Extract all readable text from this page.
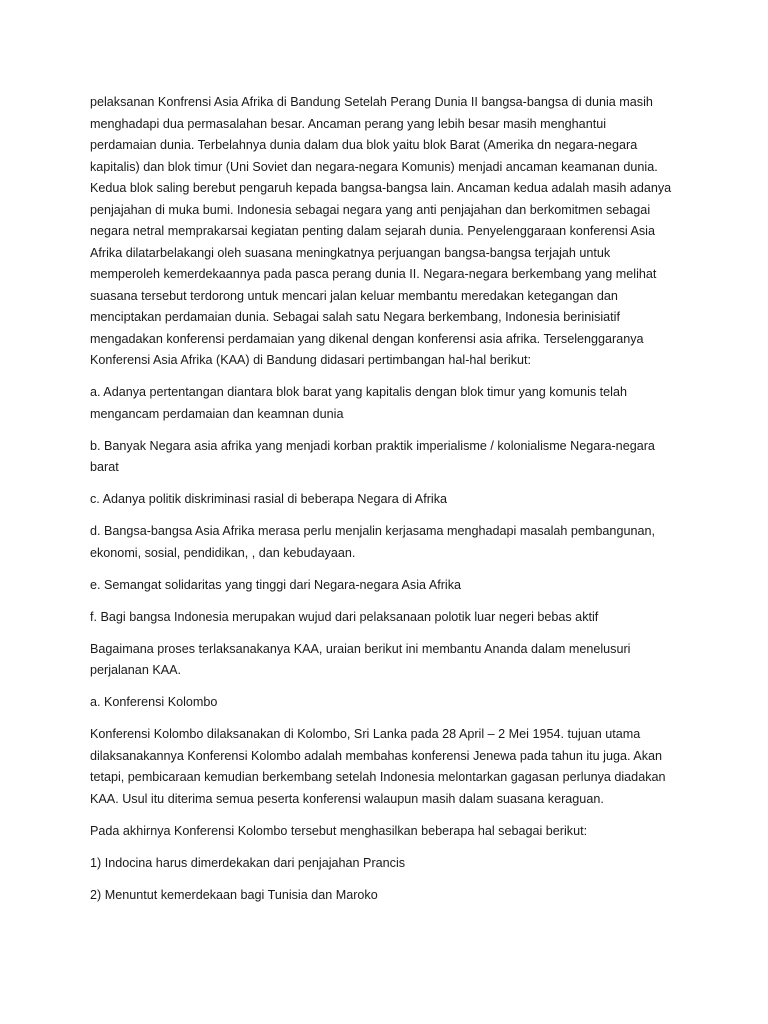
pelaksanan Konfrensi Asia Afrika di Bandung Setelah Perang Dunia II bangsa-bangsa di dunia masih menghadapi dua permasalahan besar. Ancaman perang yang lebih besar masih menghantui perdamaian dunia. Terbelahnya dunia dalam dua blok yaitu blok Barat (Amerika dn negara-negara kapitalis) dan blok timur (Uni Soviet dan negara-negara Komunis) menjadi ancaman keamanan dunia. Kedua blok saling berebut pengaruh kepada bangsa-bangsa lain. Ancaman kedua adalah masih adanya penjajahan di muka bumi. Indonesia sebagai negara yang anti penjajahan dan berkomitmen sebagai negara netral memprakarsai kegiatan penting dalam sejarah dunia. Penyelenggaraan konferensi Asia Afrika dilatarbelakangi oleh suasana meningkatnya perjuangan bangsa-bangsa terjajah untuk memperoleh kemerdekaannya pada pasca perang dunia II. Negara-negara berkembang yang melihat suasana tersebut terdorong untuk mencari jalan keluar membantu meredakan ketegangan dan menciptakan perdamaian dunia. Sebagai salah satu Negara berkembang, Indonesia berinisiatif mengadakan konferensi perdamaian yang dikenal dengan konferensi asia afrika. Terselenggaranya Konferensi Asia Afrika (KAA) di Bandung didasari pertimbangan hal-hal berikut:

a. Adanya pertentangan diantara blok barat yang kapitalis dengan blok timur yang komunis telah mengancam perdamaian dan keamnan dunia

b. Banyak Negara asia afrika yang menjadi korban praktik imperialisme / kolonialisme Negara-negara barat

c. Adanya politik diskriminasi rasial di beberapa Negara di Afrika

d. Bangsa-bangsa Asia Afrika merasa perlu menjalin kerjasama menghadapi masalah pembangunan, ekonomi, sosial, pendidikan, , dan kebudayaan.

e. Semangat solidaritas yang tinggi dari Negara-negara Asia Afrika

f. Bagi bangsa Indonesia merupakan wujud dari pelaksanaan polotik luar negeri bebas aktif

Bagaimana proses terlaksanakanya KAA, uraian berikut ini membantu Ananda dalam menelusuri perjalanan KAA.

a. Konferensi Kolombo

Konferensi Kolombo dilaksanakan di Kolombo, Sri Lanka pada 28 April – 2 Mei 1954. tujuan utama dilaksanakannya Konferensi Kolombo adalah membahas konferensi Jenewa pada tahun itu juga. Akan tetapi, pembicaraan kemudian berkembang setelah Indonesia melontarkan gagasan perlunya diadakan KAA. Usul itu diterima semua peserta konferensi walaupun masih dalam suasana keraguan.

Pada akhirnya Konferensi Kolombo tersebut menghasilkan beberapa hal sebagai berikut:

1) Indocina harus dimerdekakan dari penjajahan Prancis

2) Menuntut kemerdekaan bagi Tunisia dan Maroko
